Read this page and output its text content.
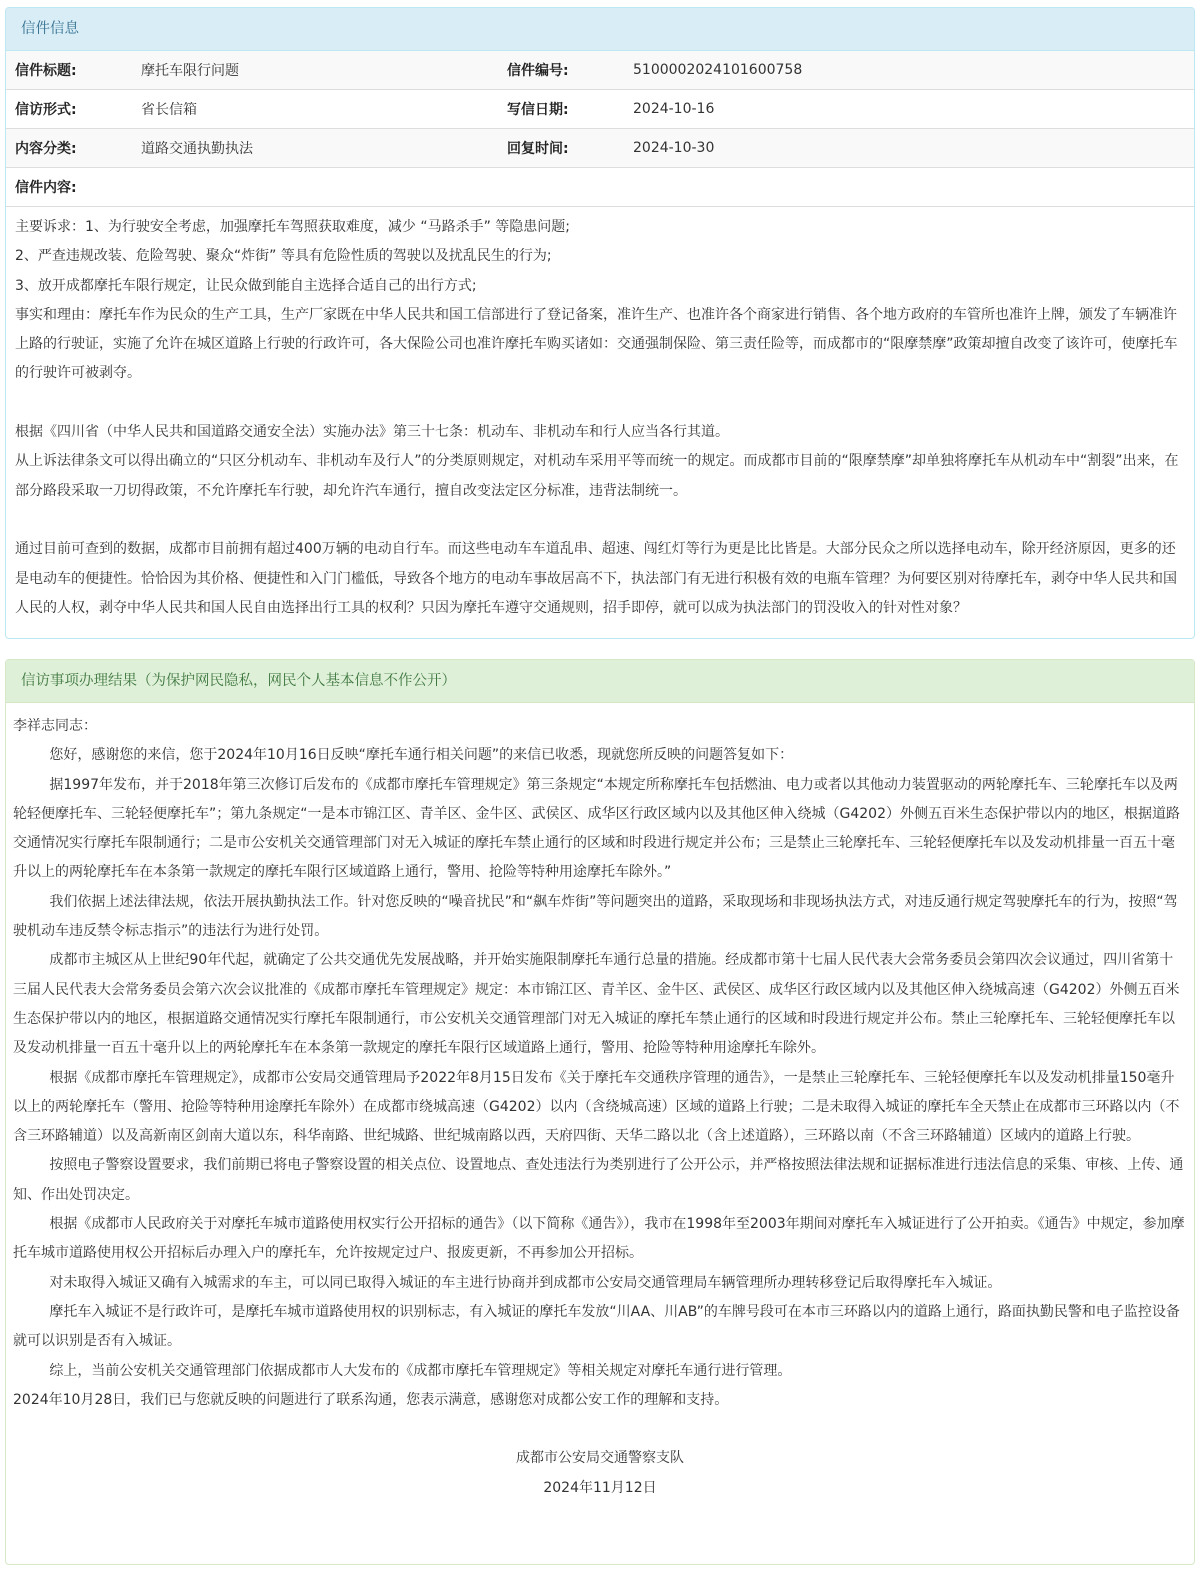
信件信息
信件标题:	摩托车限行问题	信件编号:	5100002024101600758
信访形式:	省长信箱	写信日期:	2024-10-16
内容分类:	道路交通执勤执法	回复时间:	2024-10-30
信件内容:			

主要诉求：1、为行驶安全考虑，加强摩托车驾照获取难度，减少 “马路杀手” 等隐患问题;

2、严查违规改装、危险驾驶、聚众“炸街” 等具有危险性质的驾驶以及扰乱民生的行为;

3、放开成都摩托车限行规定，让民众做到能自主选择合适自己的出行方式;

事实和理由：摩托车作为民众的生产工具，生产厂家既在中华人民共和国工信部进行了登记备案，准许生产、也准许各个商家进行销售、各个地方政府的车管所也准许上牌，颁发了车辆准许上路的行驶证，实施了允许在城区道路上行驶的行政许可，各大保险公司也准许摩托车购买诸如：交通强制保险、第三责任险等，而成都市的“限摩禁摩”政策却擅自改变了该许可，使摩托车的行驶许可被剥夺。

根据《四川省（中华人民共和国道路交通安全法）实施办法》第三十七条：机动车、非机动车和行人应当各行其道。

从上诉法律条文可以得出确立的“只区分机动车、非机动车及行人”的分类原则规定，对机动车采用平等而统一的规定。而成都市目前的“限摩禁摩”却单独将摩托车从机动车中“割裂”出来，在部分路段采取一刀切得政策，不允许摩托车行驶，却允许汽车通行，擅自改变法定区分标准，违背法制统一。

通过目前可查到的数据，成都市目前拥有超过400万辆的电动自行车。而这些电动车车道乱串、超速、闯红灯等行为更是比比皆是。大部分民众之所以选择电动车，除开经济原因，更多的还是电动车的便捷性。恰恰因为其价格、便捷性和入门门槛低，导致各个地方的电动车事故居高不下，执法部门有无进行积极有效的电瓶车管理？为何要区别对待摩托车，剥夺中华人民共和国人民的人权，剥夺中华人民共和国人民自由选择出行工具的权利？只因为摩托车遵守交通规则，招手即停，就可以成为执法部门的罚没收入的针对性对象？

信访事项办理结果（为保护网民隐私，网民个人基本信息不作公开）

李祥志同志：

您好，感谢您的来信，您于2024年10月16日反映“摩托车通行相关问题”的来信已收悉，现就您所反映的问题答复如下：

据1997年发布，并于2018年第三次修订后发布的《成都市摩托车管理规定》第三条规定“本规定所称摩托车包括燃油、电力或者以其他动力装置驱动的两轮摩托车、三轮摩托车以及两轮轻便摩托车、三轮轻便摩托车”；第九条规定“一是本市锦江区、青羊区、金牛区、武侯区、成华区行政区域内以及其他区伸入绕城（G4202）外侧五百米生态保护带以内的地区，根据道路交通情况实行摩托车限制通行；二是市公安机关交通管理部门对无入城证的摩托车禁止通行的区域和时段进行规定并公布；三是禁止三轮摩托车、三轮轻便摩托车以及发动机排量一百五十毫升以上的两轮摩托车在本条第一款规定的摩托车限行区域道路上通行，警用、抢险等特种用途摩托车除外。”

我们依据上述法律法规，依法开展执勤执法工作。针对您反映的“噪音扰民”和“飙车炸街”等问题突出的道路，采取现场和非现场执法方式，对违反通行规定驾驶摩托车的行为，按照“驾驶机动车违反禁令标志指示”的违法行为进行处罚。

成都市主城区从上世纪90年代起，就确定了公共交通优先发展战略，并开始实施限制摩托车通行总量的措施。经成都市第十七届人民代表大会常务委员会第四次会议通过，四川省第十三届人民代表大会常务委员会第六次会议批准的《成都市摩托车管理规定》规定：本市锦江区、青羊区、金牛区、武侯区、成华区行政区域内以及其他区伸入绕城高速（G4202）外侧五百米生态保护带以内的地区，根据道路交通情况实行摩托车限制通行，市公安机关交通管理部门对无入城证的摩托车禁止通行的区域和时段进行规定并公布。禁止三轮摩托车、三轮轻便摩托车以及发动机排量一百五十毫升以上的两轮摩托车在本条第一款规定的摩托车限行区域道路上通行，警用、抢险等特种用途摩托车除外。

根据《成都市摩托车管理规定》，成都市公安局交通管理局予2022年8月15日发布《关于摩托车交通秩序管理的通告》，一是禁止三轮摩托车、三轮轻便摩托车以及发动机排量150毫升以上的两轮摩托车（警用、抢险等特种用途摩托车除外）在成都市绕城高速（G4202）以内（含绕城高速）区域的道路上行驶；二是未取得入城证的摩托车全天禁止在成都市三环路以内（不含三环路辅道）以及高新南区剑南大道以东，科华南路、世纪城路、世纪城南路以西，天府四街、天华二路以北（含上述道路），三环路以南（不含三环路辅道）区域内的道路上行驶。

按照电子警察设置要求，我们前期已将电子警察设置的相关点位、设置地点、查处违法行为类别进行了公开公示，并严格按照法律法规和证据标准进行违法信息的采集、审核、上传、通知、作出处罚决定。

根据《成都市人民政府关于对摩托车城市道路使用权实行公开招标的通告》（以下简称《通告》），我市在1998年至2003年期间对摩托车入城证进行了公开拍卖。《通告》中规定，参加摩托车城市道路使用权公开招标后办理入户的摩托车，允许按规定过户、报废更新，不再参加公开招标。

对未取得入城证又确有入城需求的车主，可以同已取得入城证的车主进行协商并到成都市公安局交通管理局车辆管理所办理转移登记后取得摩托车入城证。

摩托车入城证不是行政许可，是摩托车城市道路使用权的识别标志，有入城证的摩托车发放“川AA、川AB”的车牌号段可在本市三环路以内的道路上通行，路面执勤民警和电子监控设备就可以识别是否有入城证。

综上，当前公安机关交通管理部门依据成都市人大发布的《成都市摩托车管理规定》等相关规定对摩托车通行进行管理。

2024年10月28日，我们已与您就反映的问题进行了联系沟通，您表示满意，感谢您对成都公安工作的理解和支持。

成都市公安局交通警察支队

2024年11月12日
